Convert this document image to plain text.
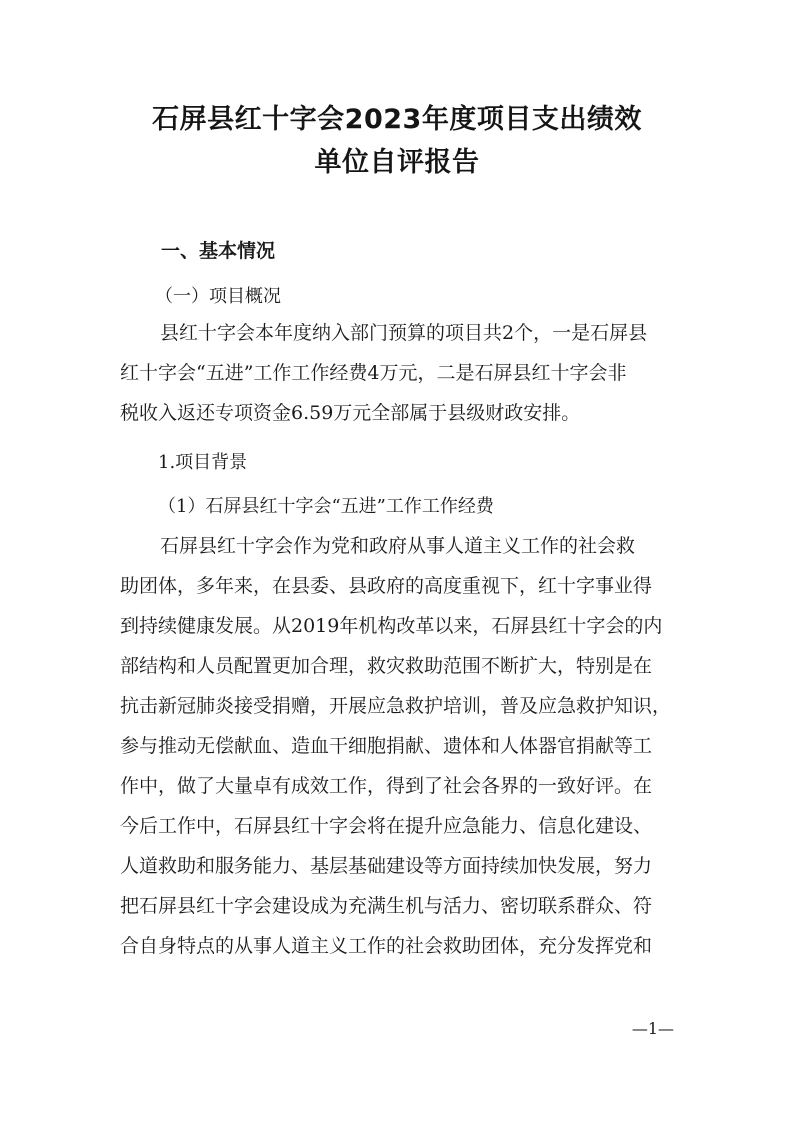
石屏县红十字会2023年度项目支出绩效
单位自评报告
一、基本情况
（一）项目概况
县红十字会本年度纳入部门预算的项目共2个，一是石屏县
红十字会“五进”工作工作经费4万元，二是石屏县红十字会非
税收入返还专项资金6.59万元全部属于县级财政安排。
1.项目背景
（1）石屏县红十字会“五进”工作工作经费
石屏县红十字会作为党和政府从事人道主义工作的社会救
助团体，多年来，在县委、县政府的高度重视下，红十字事业得
到持续健康发展。从2019年机构改革以来，石屏县红十字会的内
部结构和人员配置更加合理，救灾救助范围不断扩大，特别是在
抗击新冠肺炎接受捐赠，开展应急救护培训，普及应急救护知识，
参与推动无偿献血、造血干细胞捐献、遗体和人体器官捐献等工
作中，做了大量卓有成效工作，得到了社会各界的一致好评。在
今后工作中，石屏县红十字会将在提升应急能力、信息化建设、
人道救助和服务能力、基层基础建设等方面持续加快发展，努力
把石屏县红十字会建设成为充满生机与活力、密切联系群众、符
合自身特点的从事人道主义工作的社会救助团体，充分发挥党和
—1—
